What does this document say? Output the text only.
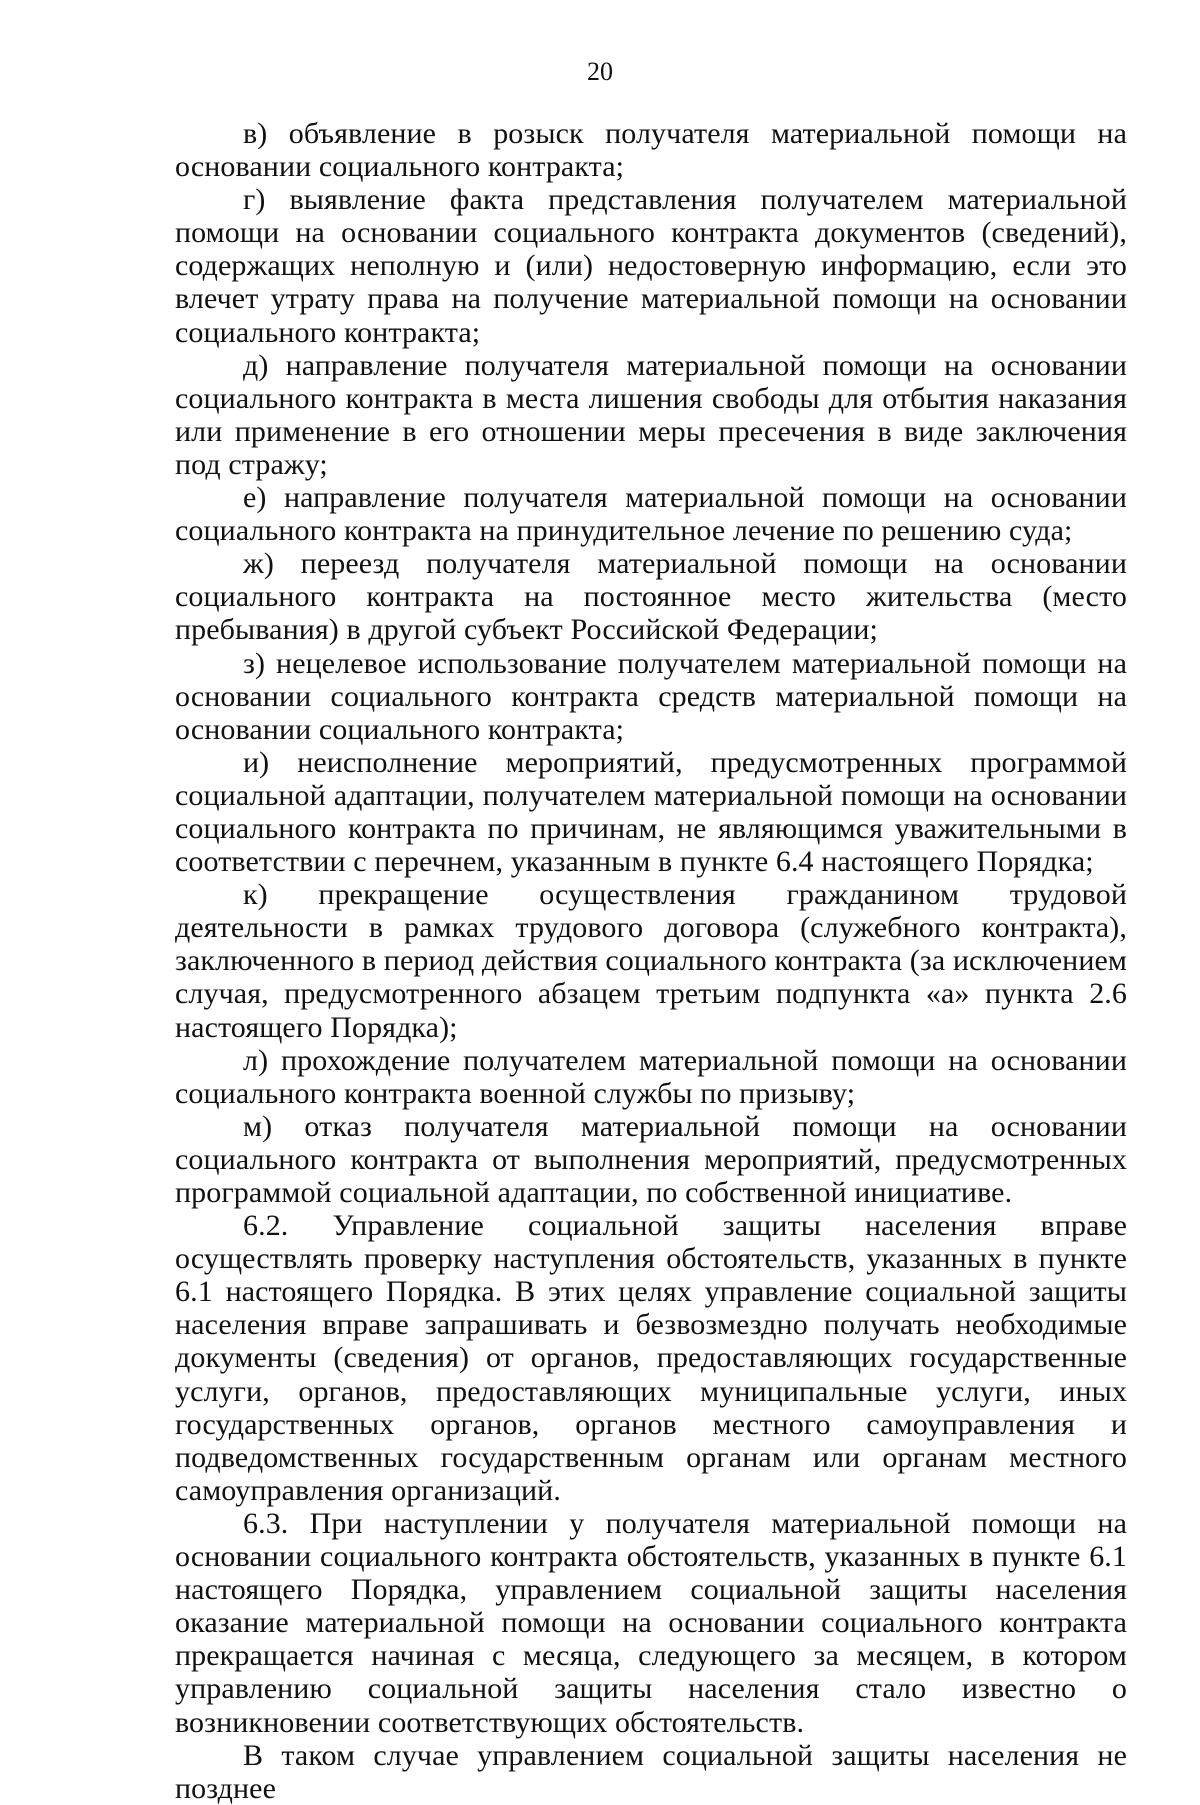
20

в) объявление в розыск получателя материальной помощи на основании социального контракта;

г) выявление факта представления получателем материальной помощи на основании социального контракта документов (сведений), содержащих неполную и (или) недостоверную информацию, если это влечет утрату права на получение материальной помощи на основании социального контракта;

д) направление получателя материальной помощи на основании социального контракта в места лишения свободы для отбытия наказания или применение в его отношении меры пресечения в виде заключения под стражу;

е) направление получателя материальной помощи на основании социального контракта на принудительное лечение по решению суда;

ж) переезд получателя материальной помощи на основании социального контракта на постоянное место жительства (место пребывания) в другой субъект Российской Федерации;

з) нецелевое использование получателем материальной помощи на основании социального контракта средств материальной помощи на основании социального контракта;

и) неисполнение мероприятий, предусмотренных программой социальной адаптации, получателем материальной помощи на основании социального контракта по причинам, не являющимся уважительными в соответствии с перечнем, указанным в пункте 6.4 настоящего Порядка;

к) прекращение осуществления гражданином трудовой деятельности в рамках трудового договора (служебного контракта), заключенного в период действия социального контракта (за исключением случая, предусмотренного абзацем третьим подпункта «а» пункта 2.6 настоящего Порядка);

л) прохождение получателем материальной помощи на основании социального контракта военной службы по призыву;

м) отказ получателя материальной помощи на основании социального контракта от выполнения мероприятий, предусмотренных программой социальной адаптации, по собственной инициативе.

6.2. Управление социальной защиты населения вправе осуществлять проверку наступления обстоятельств, указанных в пункте 6.1 настоящего Порядка. В этих целях управление социальной защиты населения вправе запрашивать и безвозмездно получать необходимые документы (сведения) от органов, предоставляющих государственные услуги, органов, предоставляющих муниципальные услуги, иных государственных органов, органов местного самоуправления и подведомственных государственным органам или органам местного самоуправления организаций.

6.3. При наступлении у получателя материальной помощи на основании социального контракта обстоятельств, указанных в пункте 6.1 настоящего Порядка, управлением социальной защиты населения оказание материальной помощи на основании социального контракта прекращается начиная с месяца, следующего за месяцем, в котором управлению социальной защиты населения стало известно о возникновении соответствующих обстоятельств.

В таком случае управлением социальной защиты населения не позднее
